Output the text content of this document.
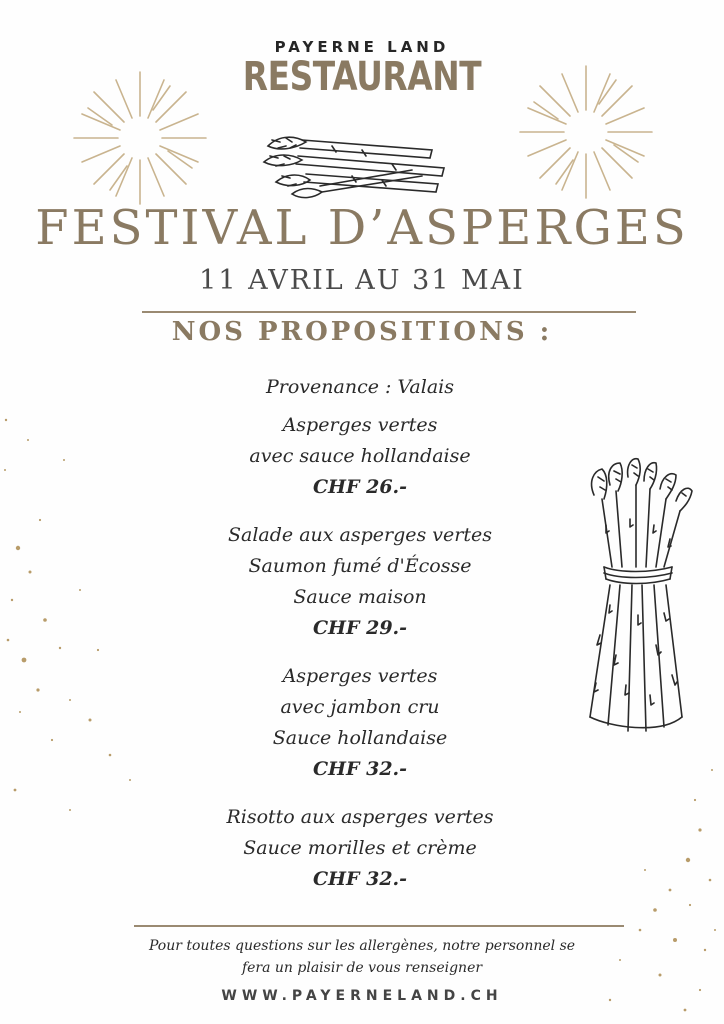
PAYERNE LAND
RESTAURANT
FESTIVAL D’ASPERGES
11 AVRIL AU 31 MAI
NOS PROPOSITIONS :
Provenance : Valais
Asperges vertes
avec sauce hollandaise
CHF 26.-
Salade aux asperges vertes
Saumon fumé d'Écosse
Sauce maison
CHF 29.-
Asperges vertes
avec jambon cru
Sauce hollandaise
CHF 32.-
Risotto aux asperges vertes
Sauce morilles et crème
CHF 32.-
Pour toutes questions sur les allergènes, notre personnel se fera un plaisir de vous renseigner
WWW.PAYERNELAND.CH
